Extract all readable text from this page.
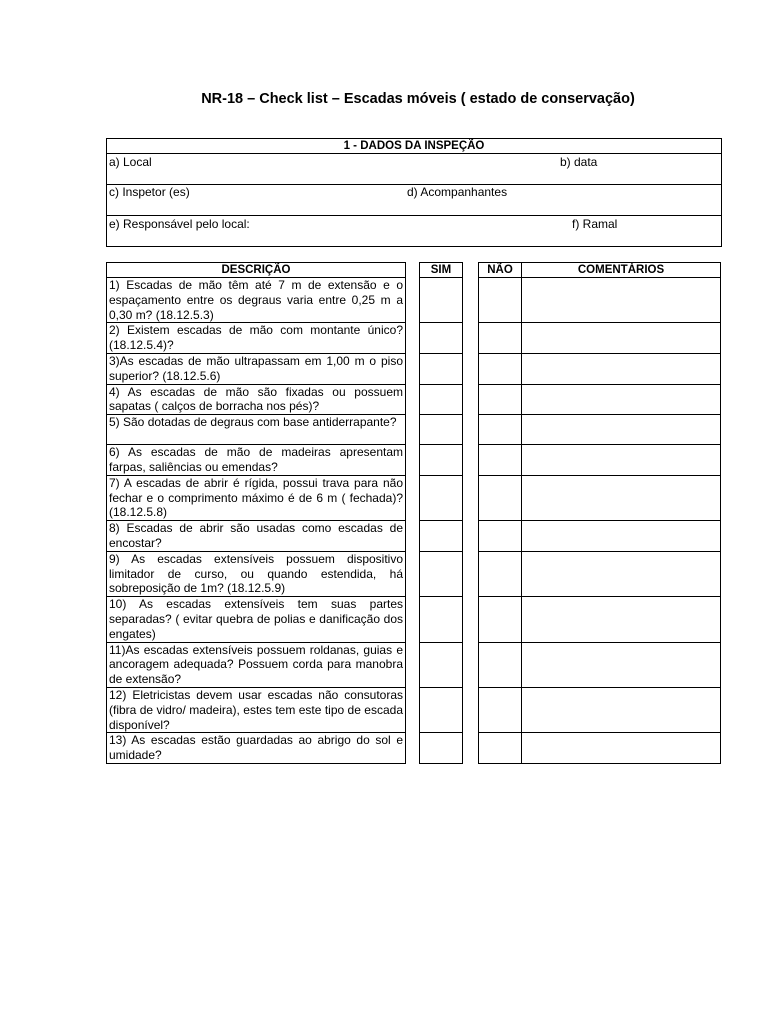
NR-18 – Check list – Escadas móveis ( estado de conservação)
1 - DADOS DA INSPEÇÃO

a) Local	b) data

c) Inspetor (es)	d) Acompanhantes

e) Responsável pelo local:	f) Ramal
DESCRIÇÃO		SIM		NÃO	COMENTÁRIOS
1) Escadas de mão têm até 7 m de extensão e o espaçamento entre os degraus varia entre 0,25 m a 0,30 m? (18.12.5.3)					
2) Existem escadas de mão com montante único? (18.12.5.4)?					
3)As escadas de mão ultrapassam em 1,00 m o piso superior? (18.12.5.6)					
4) As escadas de mão são fixadas ou possuem sapatas ( calços de borracha nos pés)?					
5) São dotadas de degraus com base antiderrapante?					
6) As escadas de mão de madeiras apresentam farpas, saliências ou emendas?					
7) A escadas de abrir é rígida, possui trava para não fechar e o comprimento máximo é de 6 m ( fechada)?(18.12.5.8)					
8) Escadas de abrir são usadas como escadas de encostar?					
9) As escadas extensíveis possuem dispositivo limitador de curso, ou quando estendida, há sobreposição de 1m? (18.12.5.9)					
10) As escadas extensíveis tem suas partes separadas? ( evitar quebra de polias e danificação dos engates)					
11)As escadas extensíveis possuem roldanas, guias e ancoragem adequada? Possuem corda para manobra de extensão?					
12) Eletricistas devem usar escadas não consutoras (fibra de vidro/ madeira), estes tem este tipo de escada disponível?					
13) As escadas estão guardadas ao abrigo do sol e umidade?					
